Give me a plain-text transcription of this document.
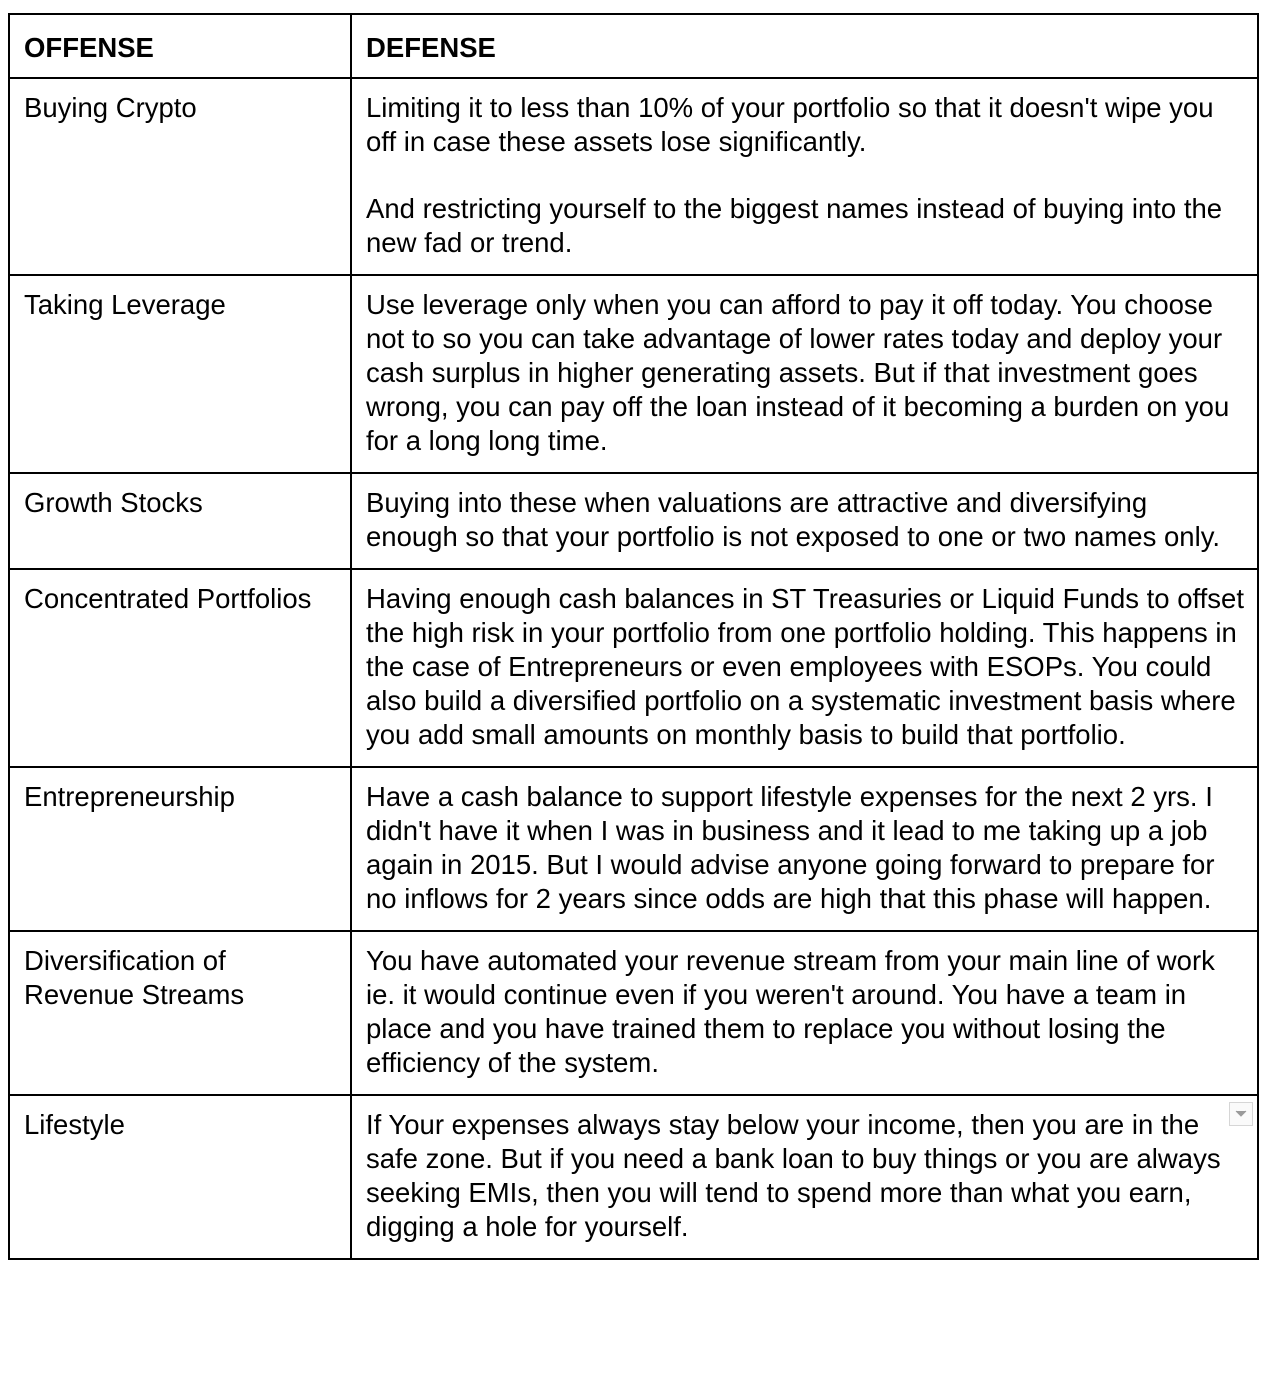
OFFENSE	DEFENSE
Buying Crypto	Limiting it to less than 10% of your portfolio so that it doesn't wipe you off in case these assets lose significantly.

And restricting yourself to the biggest names instead of buying into the new fad or trend.

Taking Leverage	Use leverage only when you can afford to pay it off today. You choose not to so you can take advantage of lower rates today and deploy your cash surplus in higher generating assets. But if that investment goes wrong, you can pay off the loan instead of it becoming a burden on you for a long long time.

Growth Stocks	Buying into these when valuations are attractive and diversifying enough so that your portfolio is not exposed to one or two names only.

Concentrated Portfolios	Having enough cash balances in ST Treasuries or Liquid Funds to offset the high risk in your portfolio from one portfolio holding. This happens in the case of Entrepreneurs or even employees with ESOPs. You could also build a diversified portfolio on a systematic investment basis where you add small amounts on monthly basis to build that portfolio.

Entrepreneurship	Have a cash balance to support lifestyle expenses for the next 2 yrs. I didn't have it when I was in business and it lead to me taking up a job again in 2015. But I would advise anyone going forward to prepare for no inflows for 2 years since odds are high that this phase will happen.

Diversification of Revenue Streams	You have automated your revenue stream from your main line of work ie. it would continue even if you weren't around. You have a team in place and you have trained them to replace you without losing the efficiency of the system.

Lifestyle	If Your expenses always stay below your income, then you are in the safe zone. But if you need a bank loan to buy things or you are always seeking EMIs, then you will tend to spend more than what you earn, digging a hole for yourself.
